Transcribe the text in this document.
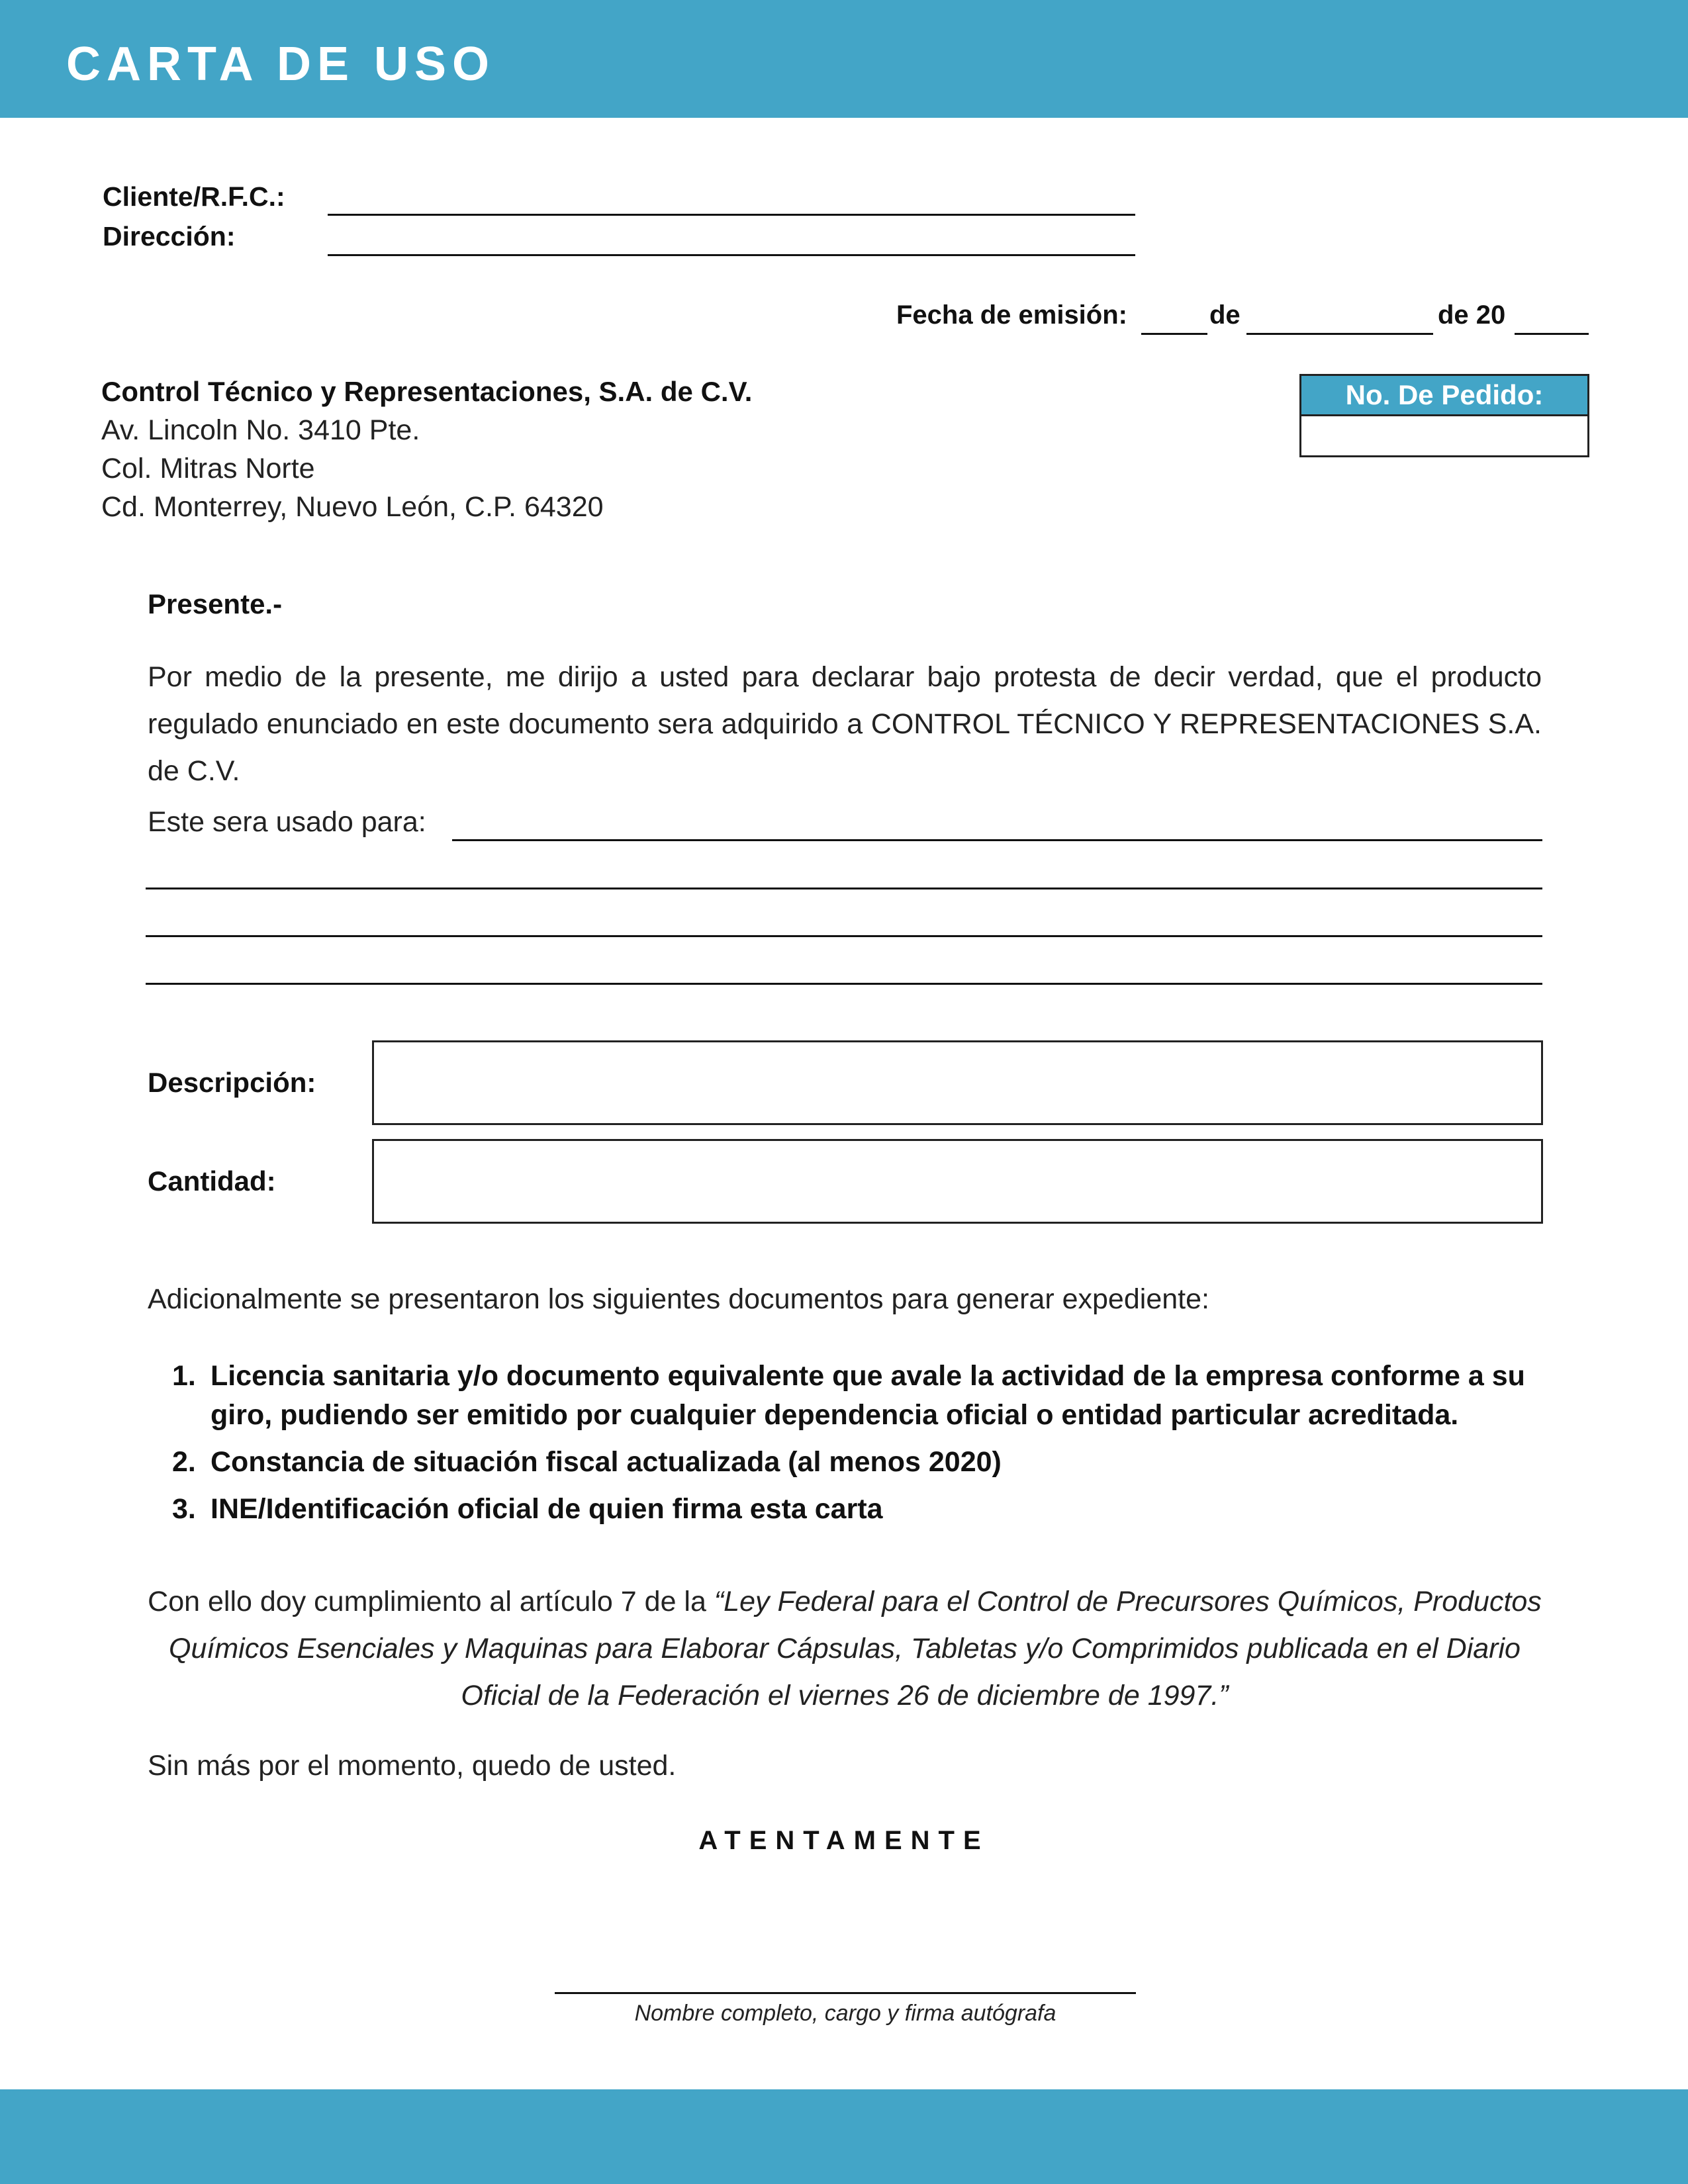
CARTA DE USO
Cliente/R.F.C.:
Dirección:
Fecha de emisión:	de	de 20
No. De Pedido:
Control Técnico y Representaciones, S.A. de C.V.
Av. Lincoln No. 3410 Pte.
Col. Mitras Norte
Cd. Monterrey, Nuevo León, C.P. 64320
Presente.-
Por medio de la presente, me dirijo a usted para declarar bajo protesta de decir verdad, que el producto regulado enunciado en este documento sera adquirido a CONTROL TÉCNICO Y REPRESENTACIONES S.A. de C.V.
Este sera usado para:
Descripción:
Cantidad:
Adicionalmente se presentaron los siguientes documentos para generar expediente:
1. Licencia sanitaria y/o documento equivalente que avale la actividad de la empresa conforme a su giro, pudiendo ser emitido por cualquier dependencia oficial o entidad particular acreditada.
2. Constancia de situación fiscal actualizada (al menos 2020)
3. INE/Identificación oficial de quien firma esta carta
Con ello doy cumplimiento al artículo 7 de la “Ley Federal para el Control de Precursores Químicos, Productos Químicos Esenciales y Maquinas para Elaborar Cápsulas, Tabletas y/o Comprimidos publicada en el Diario Oficial de la Federación el viernes 26 de diciembre de 1997.”
Sin más por el momento, quedo de usted.
ATENTAMENTE
Nombre completo, cargo y firma autógrafa
